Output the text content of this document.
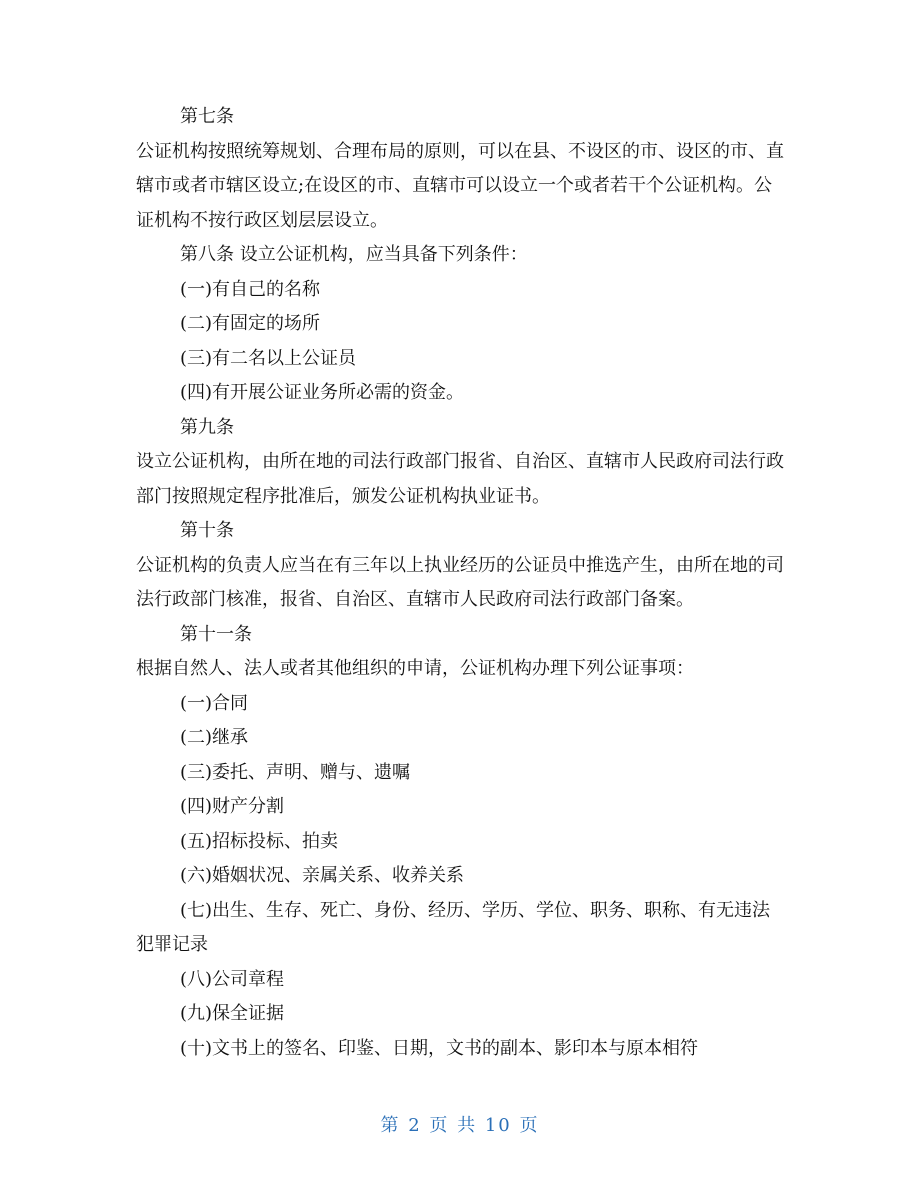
第七条

公证机构按照统筹规划、合理布局的原则，可以在县、不设区的市、设区的市、直

辖市或者市辖区设立;在设区的市、直辖市可以设立一个或者若干个公证机构。公

证机构不按行政区划层层设立。

第八条 设立公证机构，应当具备下列条件：

(一)有自己的名称

(二)有固定的场所

(三)有二名以上公证员

(四)有开展公证业务所必需的资金。

第九条

设立公证机构，由所在地的司法行政部门报省、自治区、直辖市人民政府司法行政

部门按照规定程序批准后，颁发公证机构执业证书。

第十条

公证机构的负责人应当在有三年以上执业经历的公证员中推选产生，由所在地的司

法行政部门核准，报省、自治区、直辖市人民政府司法行政部门备案。

第十一条

根据自然人、法人或者其他组织的申请，公证机构办理下列公证事项：

(一)合同

(二)继承

(三)委托、声明、赠与、遗嘱

(四)财产分割

(五)招标投标、拍卖

(六)婚姻状况、亲属关系、收养关系

(七)出生、生存、死亡、身份、经历、学历、学位、职务、职称、有无违法

犯罪记录

(八)公司章程

(九)保全证据

(十)文书上的签名、印鉴、日期，文书的副本、影印本与原本相符

第 2 页 共 10 页
